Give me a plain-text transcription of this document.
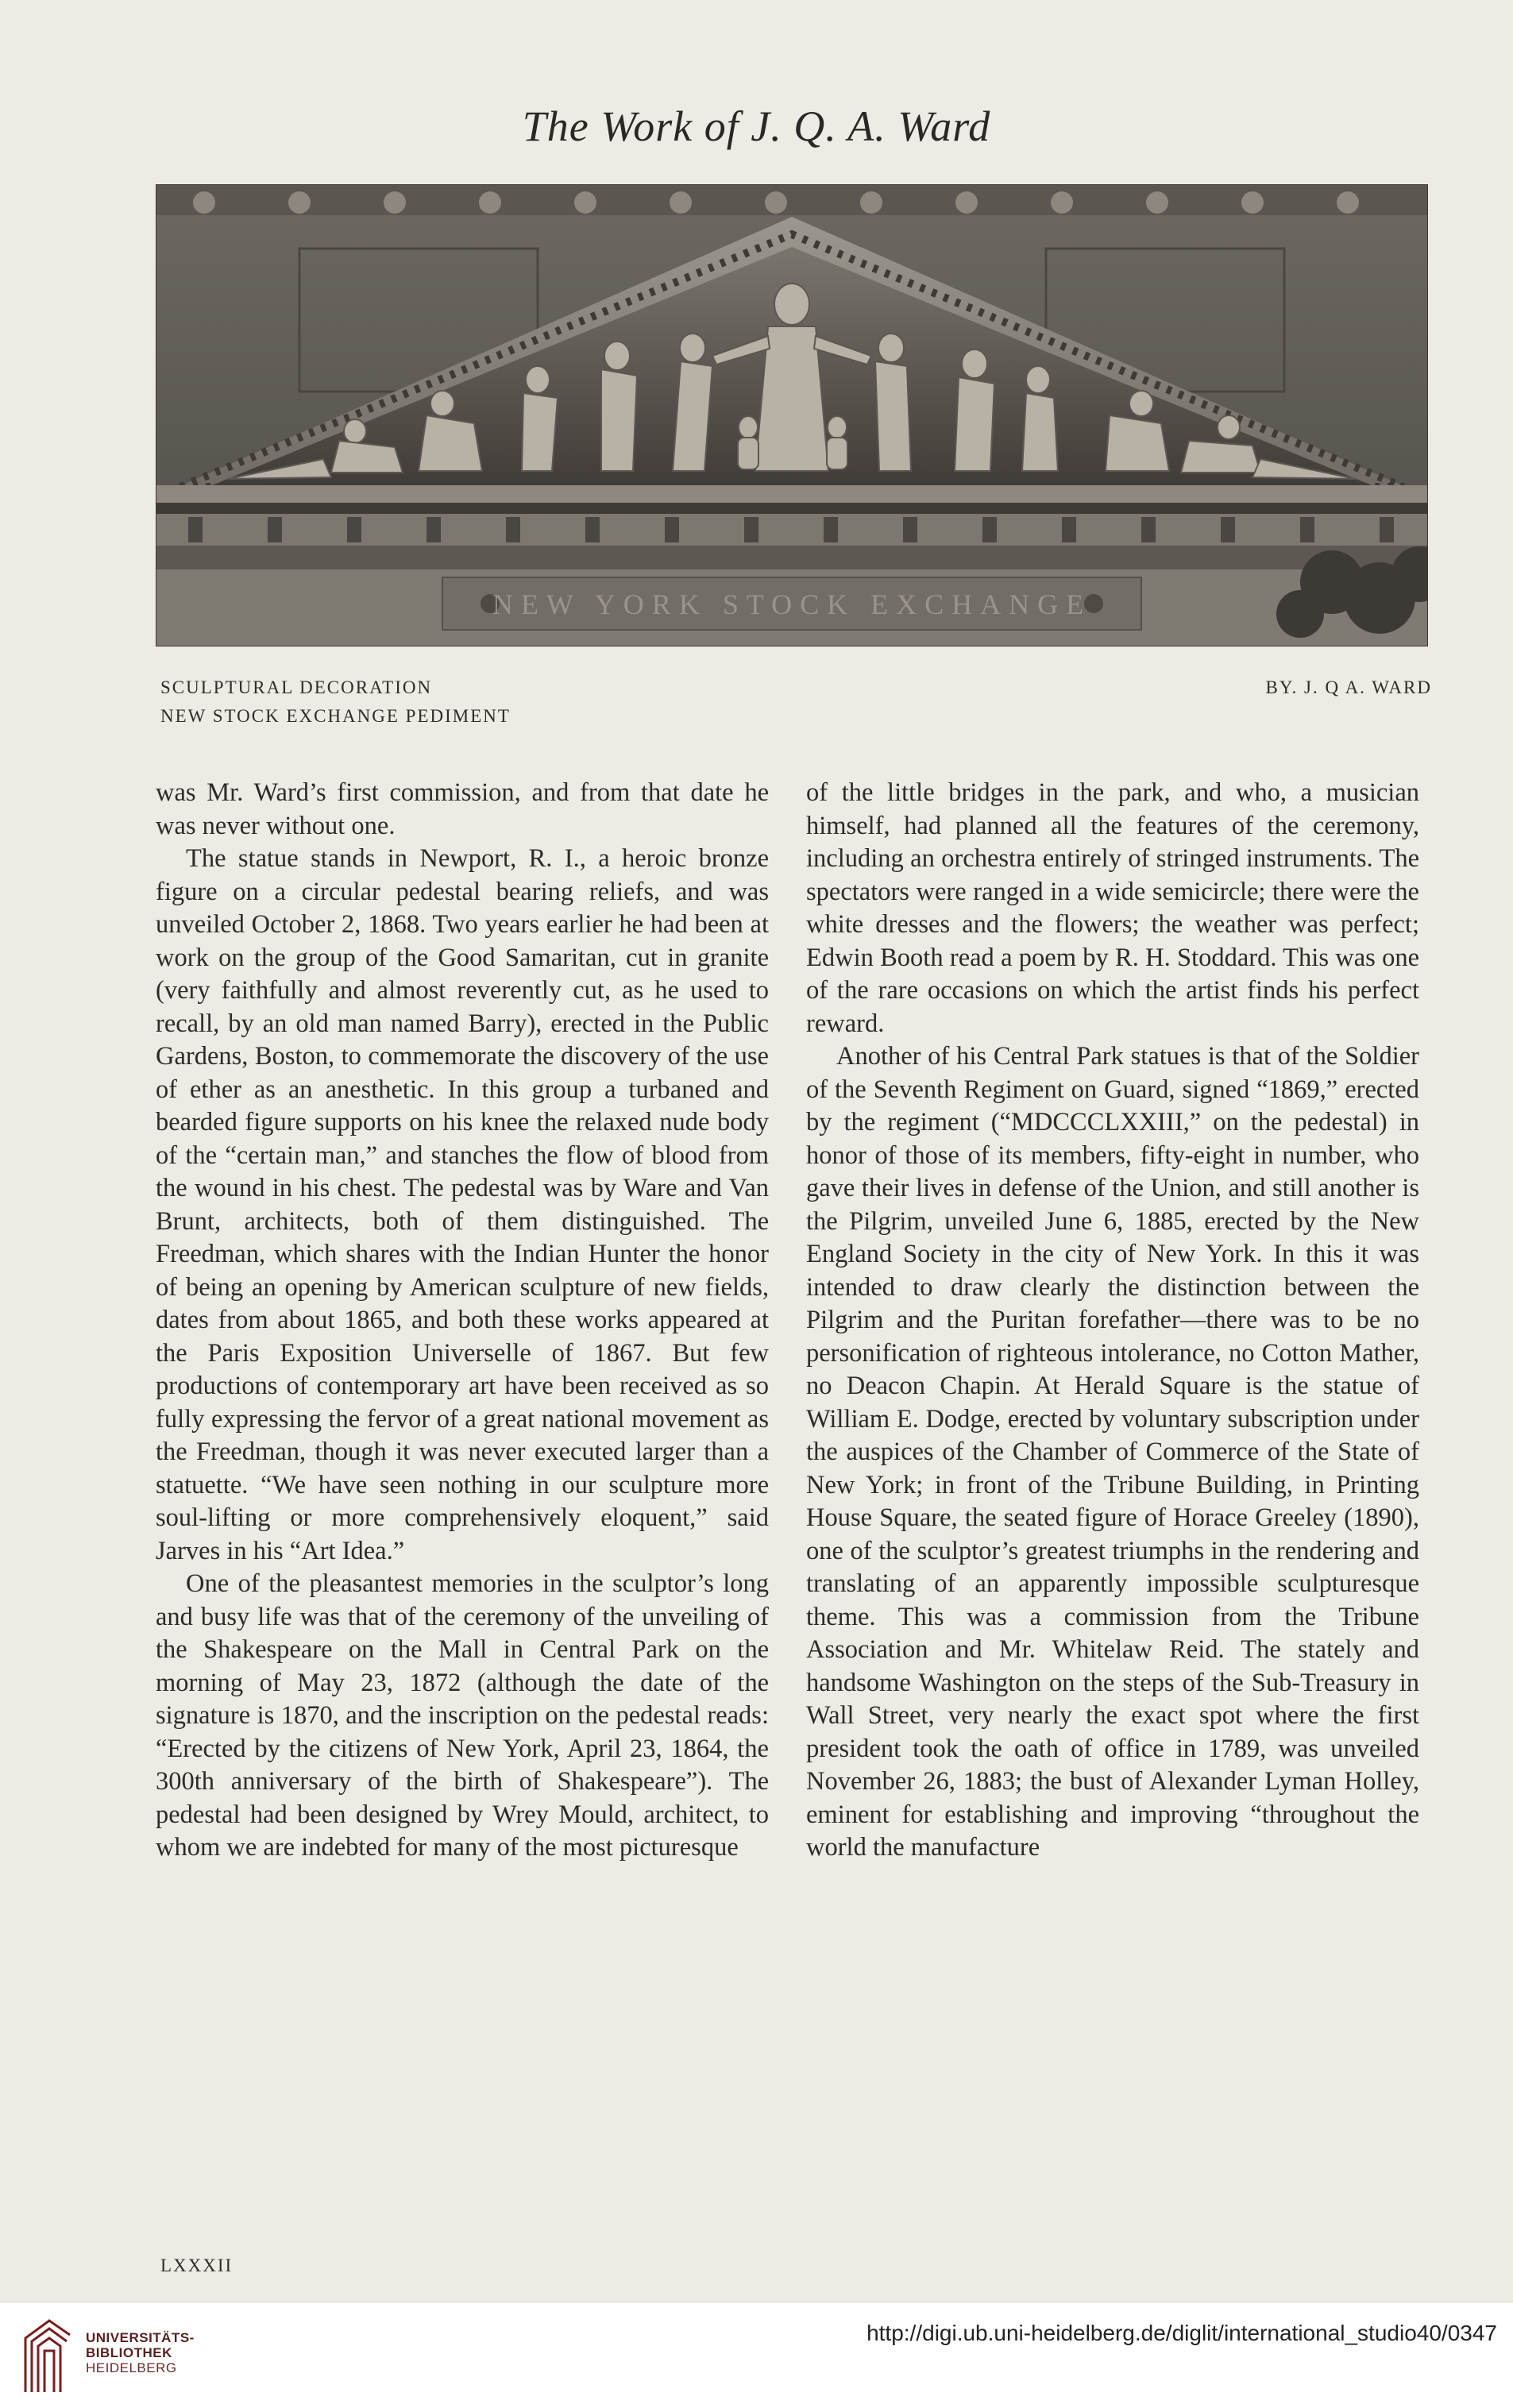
The Work of J. Q. A. Ward
NEW YORK STOCK EXCHANGE
SCULPTURAL DECORATION
NEW STOCK EXCHANGE PEDIMENT
BY. J. Q A. WARD

was Mr. Ward’s first commission, and from that date he was never without one.

The statue stands in Newport, R. I., a heroic bronze figure on a circular pedestal bearing reliefs, and was unveiled October 2, 1868. Two years earlier he had been at work on the group of the Good Samaritan, cut in granite (very faithfully and almost reverently cut, as he used to recall, by an old man named Barry), erected in the Public Gardens, Boston, to commemorate the discovery of the use of ether as an anesthetic. In this group a turbaned and bearded figure supports on his knee the relaxed nude body of the “certain man,” and stanches the flow of blood from the wound in his chest. The pedestal was by Ware and Van Brunt, architects, both of them distinguished. The Freedman, which shares with the Indian Hunter the honor of being an opening by American sculpture of new fields, dates from about 1865, and both these works appeared at the Paris Exposition Universelle of 1867. But few productions of contemporary art have been received as so fully expressing the fervor of a great national movement as the Freedman, though it was never executed larger than a statuette. “We have seen nothing in our sculpture more soul-lifting or more comprehensively eloquent,” said Jarves in his “Art Idea.”

One of the pleasantest memories in the sculptor’s long and busy life was that of the ceremony of the unveiling of the Shakespeare on the Mall in Central Park on the morning of May 23, 1872 (although the date of the signature is 1870, and the inscription on the pedestal reads: “Erected by the citizens of New York, April 23, 1864, the 300th anniversary of the birth of Shakespeare”). The pedestal had been designed by Wrey Mould, architect, to whom we are indebted for many of the most picturesque

of the little bridges in the park, and who, a musician himself, had planned all the features of the ceremony, including an orchestra entirely of stringed instruments. The spectators were ranged in a wide semicircle; there were the white dresses and the flowers; the weather was perfect; Edwin Booth read a poem by R. H. Stoddard. This was one of the rare occasions on which the artist finds his perfect reward.

Another of his Central Park statues is that of the Soldier of the Seventh Regiment on Guard, signed “1869,” erected by the regiment (“MDCCCLXXIII,” on the pedestal) in honor of those of its members, fifty-eight in number, who gave their lives in defense of the Union, and still another is the Pilgrim, unveiled June 6, 1885, erected by the New England Society in the city of New York. In this it was intended to draw clearly the distinction between the Pilgrim and the Puritan forefather—there was to be no personification of righteous intolerance, no Cotton Mather, no Deacon Chapin. At Herald Square is the statue of William E. Dodge, erected by voluntary subscription under the auspices of the Chamber of Commerce of the State of New York; in front of the Tribune Building, in Printing House Square, the seated figure of Horace Greeley (1890), one of the sculptor’s greatest triumphs in the rendering and translating of an apparently impossible sculpturesque theme. This was a commission from the Tribune Association and Mr. Whitelaw Reid. The stately and handsome Washington on the steps of the Sub-Treasury in Wall Street, very nearly the exact spot where the first president took the oath of office in 1789, was unveiled November 26, 1883; the bust of Alexander Lyman Holley, eminent for establishing and improving “throughout the world the manufacture

LXXXII
UNIVERSITÄTS-
BIBLIOTHEK
HEIDELBERG
http://digi.ub.uni-heidelberg.de/diglit/international_studio40/0347
